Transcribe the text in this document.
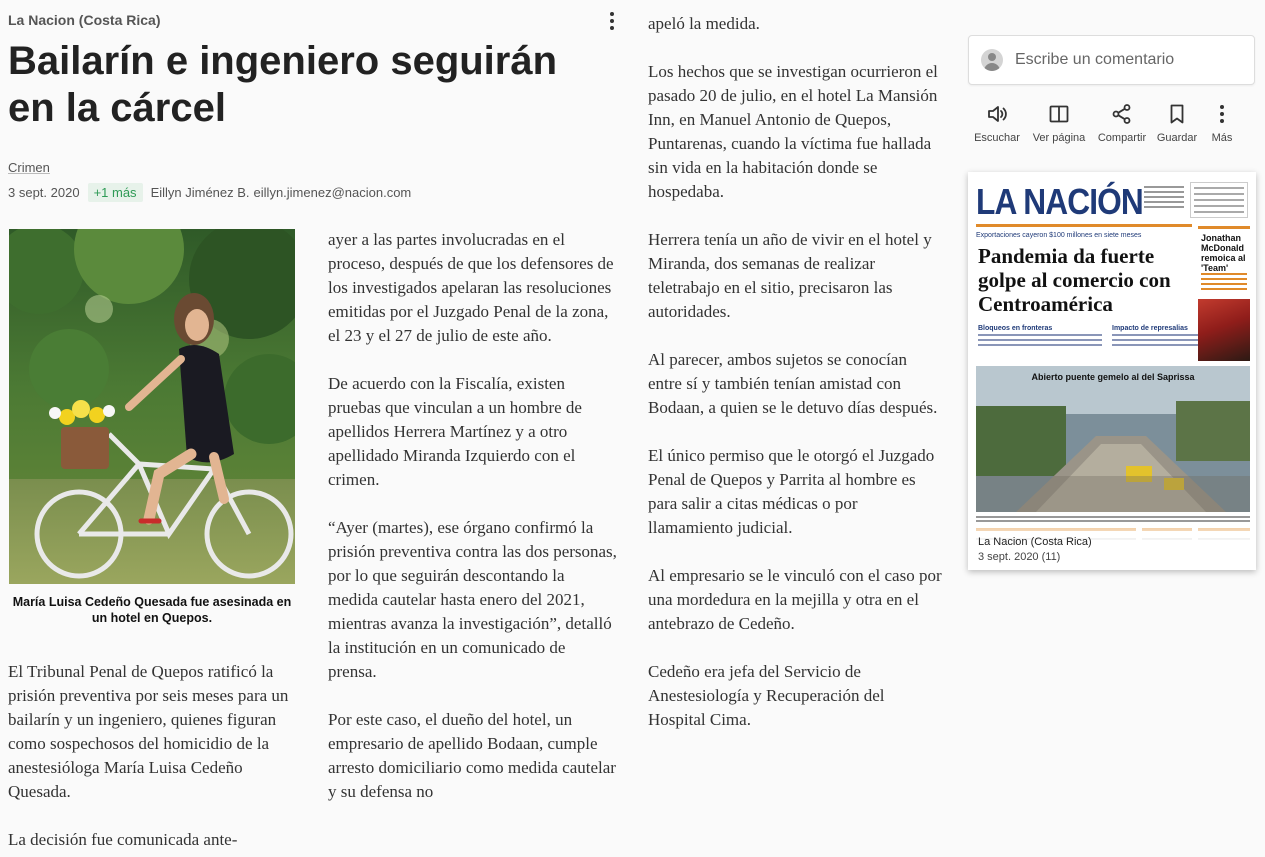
La Nacion (Costa Rica)
Bailarín e ingeniero seguirán en la cárcel
Crimen
3 sept. 2020	+1 más	Eillyn Jiménez B. eillyn.jimenez@nacion.com
María Luisa Cedeño Quesada fue asesinada en un hotel en Quepos.

El Tribunal Penal de Quepos ratificó la prisión preventiva por seis meses para un bailarín y un ingeniero, quienes figuran como sospechosos del homicidio de la anestesióloga María Luisa Cedeño Quesada.

La decisión fue comunicada ante-

ayer a las partes involucradas en el proceso, después de que los defensores de los investigados apelaran las resoluciones emitidas por el Juzgado Penal de la zona, el 23 y el 27 de julio de este año.

De acuerdo con la Fiscalía, existen pruebas que vinculan a un hombre de apellidos Herrera Martínez y a otro apellidado Miranda Izquierdo con el crimen.

“Ayer (martes), ese órgano confirmó la prisión preventiva contra las dos personas, por lo que seguirán descontando la medida cautelar hasta enero del 2021, mientras avanza la investigación”, detalló la institución en un comunicado de prensa.

Por este caso, el dueño del hotel, un empresario de apellido Bodaan, cumple arresto domiciliario como medida cautelar y su defensa no

apeló la medida.

Los hechos que se investigan ocurrieron el pasado 20 de julio, en el hotel La Mansión Inn, en Manuel Antonio de Quepos, Puntarenas, cuando la víctima fue hallada sin vida en la habitación donde se hospedaba.

Herrera tenía un año de vivir en el hotel y Miranda, dos semanas de realizar teletrabajo en el sitio, precisaron las autoridades.

Al parecer, ambos sujetos se conocían entre sí y también tenían amistad con Bodaan, a quien se le detuvo días después.

El único permiso que le otorgó el Juzgado Penal de Quepos y Parrita al hombre es para salir a citas médicas o por llamamiento judicial.

Al empresario se le vinculó con el caso por una mordedura en la mejilla y otra en el antebrazo de Cedeño.

Cedeño era jefa del Servicio de Anestesiología y Recuperación del Hospital Cima.

Escribe un comentario
Escuchar Ver página Compartir Guardar Más
LA NACIÓN
Exportaciones cayeron $100 millones en siete meses
Pandemia da fuerte golpe al comercio con Centroamérica
Bloqueos en fronteras	Impacto de represalias
Jonathan McDonald remoica al 'Team'
Abierto puente gemelo al del Saprissa
La Nacion (Costa Rica)
3 sept. 2020 (11)
